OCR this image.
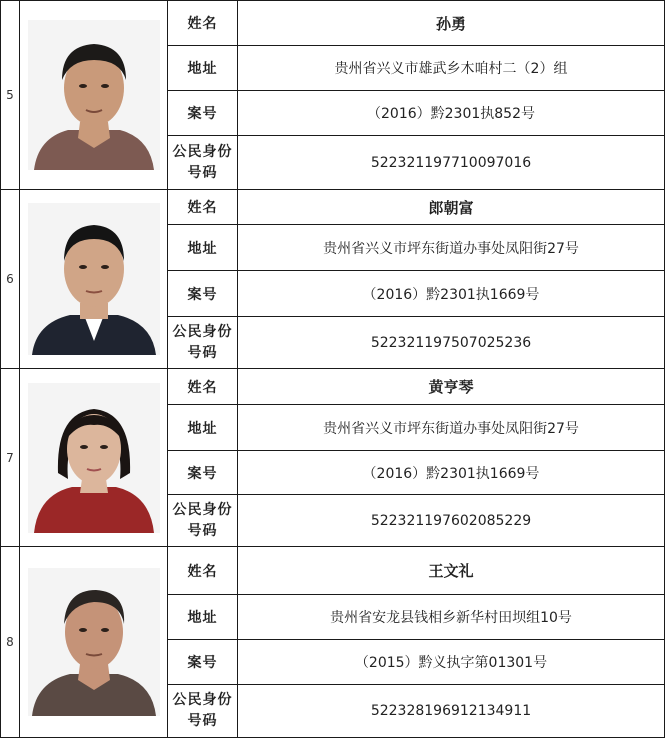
5		姓名	孙勇
		地址	贵州省兴义市雄武乡木咱村二（2）组
		案号	（2016）黔2301执852号
		公民身份
号码	522321197710097016
6		姓名	郎朝富
		地址	贵州省兴义市坪东街道办事处凤阳街27号
		案号	（2016）黔2301执1669号
		公民身份
号码	522321197507025236
7		姓名	黄亨琴
		地址	贵州省兴义市坪东街道办事处凤阳街27号
		案号	（2016）黔2301执1669号
		公民身份
号码	522321197602085229
8		姓名	王文礼
		地址	贵州省安龙县钱相乡新华村田坝组10号
		案号	（2015）黔义执字第01301号
		公民身份
号码	522328196912134911
